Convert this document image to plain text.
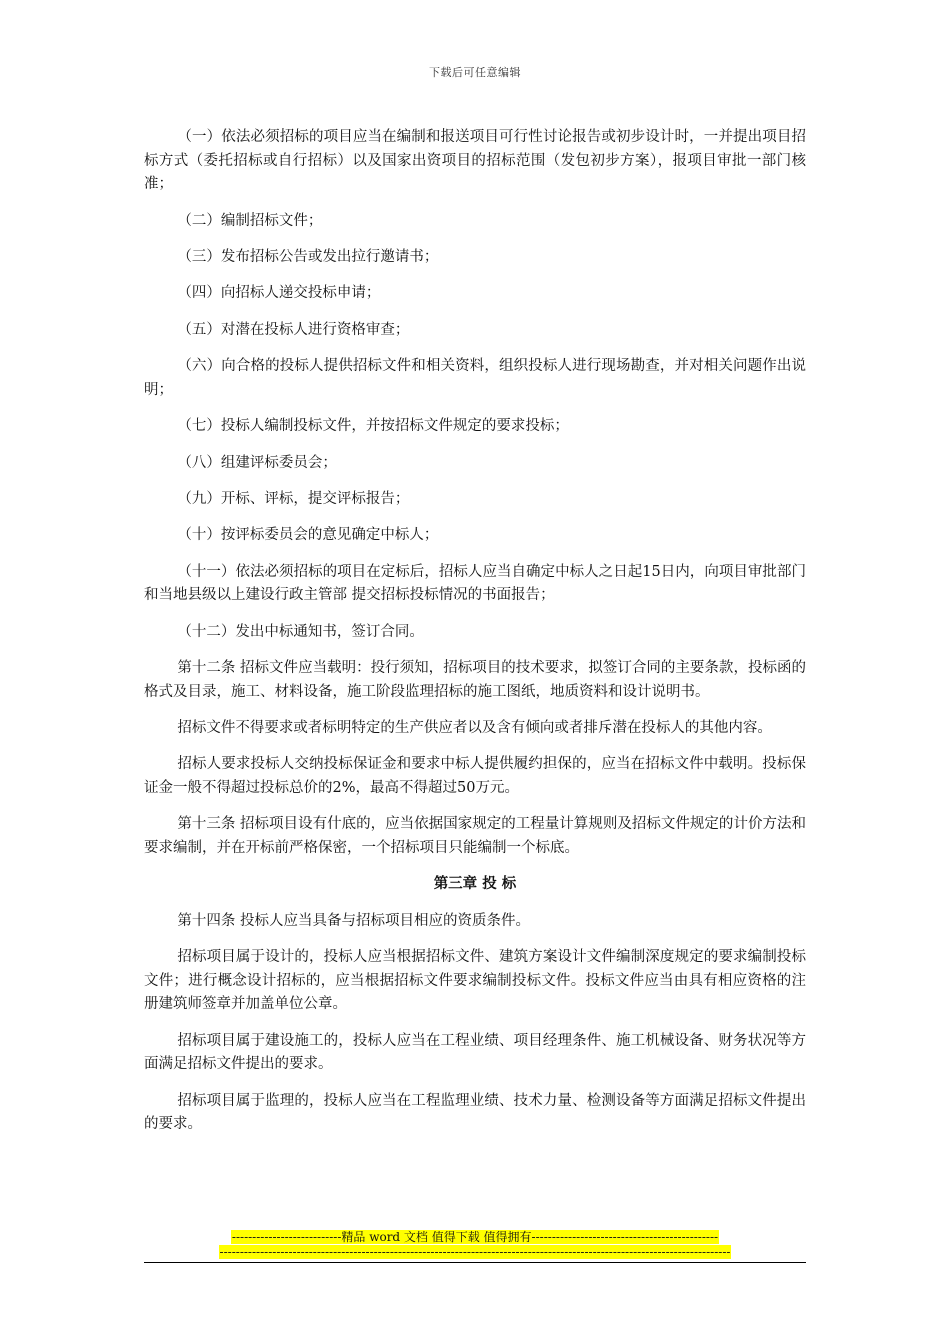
下载后可任意编辑

（一）依法必须招标的项目应当在编制和报送项目可行性讨论报告或初步设计时，一并提出项目招标方式（委托招标或自行招标）以及国家出资项目的招标范围（发包初步方案），报项目审批一部门核准；

（二）编制招标文件；

（三）发布招标公告或发出拉行邀请书；

（四）向招标人递交投标申请；

（五）对潜在投标人进行资格审查；

（六）向合格的投标人提供招标文件和相关资料，组织投标人进行现场勘查，并对相关问题作出说明；

（七）投标人编制投标文件，并按招标文件规定的要求投标；

（八）组建评标委员会；

（九）开标、评标，提交评标报告；

（十）按评标委员会的意见确定中标人；

（十一）依法必须招标的项目在定标后，招标人应当自确定中标人之日起15日内，向项目审批部门和当地县级以上建设行政主管部 提交招标投标情况的书面报告；

（十二）发出中标通知书，签订合同。

第十二条 招标文件应当载明：投行须知，招标项目的技术要求，拟签订合同的主要条款，投标函的格式及目录，施工、材料设备，施工阶段监理招标的施工图纸，地质资料和设计说明书。

招标文件不得要求或者标明特定的生产供应者以及含有倾向或者排斥潜在投标人的其他内容。

招标人要求投标人交纳投标保证金和要求中标人提供履约担保的，应当在招标文件中载明。投标保证金一般不得超过投标总价的2%，最高不得超过50万元。

第十三条 招标项目设有什底的，应当依据国家规定的工程量计算规则及招标文件规定的计价方法和要求编制，并在开标前严格保密，一个招标项目只能编制一个标底。

第三章 投 标

第十四条 投标人应当具备与招标项目相应的资质条件。

招标项目属于设计的，投标人应当根据招标文件、建筑方案设计文件编制深度规定的要求编制投标文件；进行概念设计招标的，应当根据招标文件要求编制投标文件。投标文件应当由具有相应资格的注册建筑师签章并加盖单位公章。

招标项目属于建设施工的，投标人应当在工程业绩、项目经理条件、施工机械设备、财务状况等方面满足招标文件提出的要求。

招标项目属于监理的，投标人应当在工程监理业绩、技术力量、检测设备等方面满足招标文件提出的要求。

---------------------------精品 word 文档 值得下载 值得拥有----------------------------------------------
------------------------------------------------------------------------------------------------------------------------------
